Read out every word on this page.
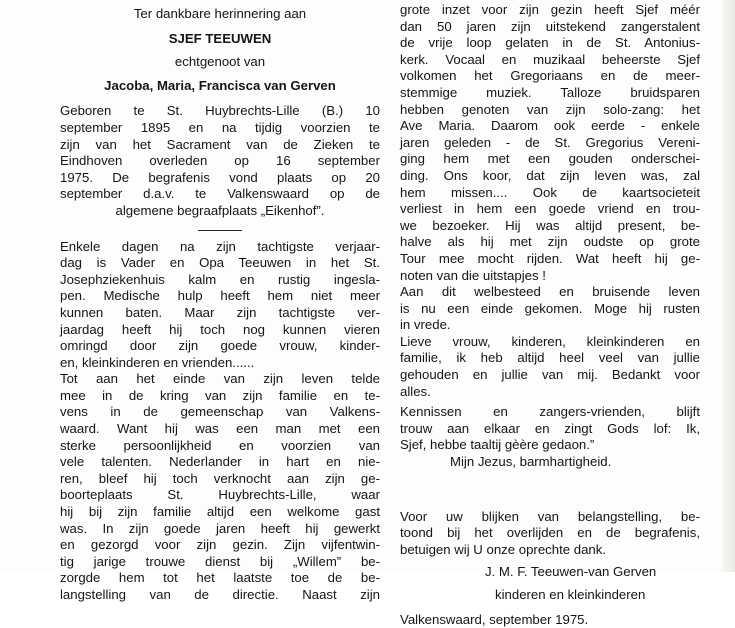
Ter dankbare herinnering aan
SJEF TEEUWEN
echtgenoot van
Jacoba, Maria, Francisca van Gerven
Geboren te St. Huybrechts-Lille (B.) 10
september 1895 en na tijdig voorzien te
zijn van het Sacrament van de Zieken te
Eindhoven overleden op 16 september
1975. De begrafenis vond plaats op 20
september d.a.v. te Valkenswaard op de
algemene begraafplaats „Eikenhof”.
Enkele dagen na zijn tachtigste verjaar-
dag is Vader en Opa Teeuwen in het St.
Josephziekenhuis kalm en rustig ingesla-
pen. Medische hulp heeft hem niet meer
kunnen baten. Maar zijn tachtigste ver-
jaardag heeft hij toch nog kunnen vieren
omringd door zijn goede vrouw, kinder-
en, kleinkinderen en vrienden......
Tot aan het einde van zijn leven telde
mee in de kring van zijn familie en te-
vens in de gemeenschap van Valkens-
waard. Want hij was een man met een
sterke persoonlijkheid en voorzien van
vele talenten. Nederlander in hart en nie-
ren, bleef hij toch verknocht aan zijn ge-
boorteplaats St. Huybrechts-Lille, waar
hij bij zijn familie altijd een welkome gast
was. In zijn goede jaren heeft hij gewerkt
en gezorgd voor zijn gezin. Zijn vijfentwin-
tig jarige trouwe dienst bij „Willem” be-
zorgde hem tot het laatste toe de be-
langstelling van de directie. Naast zijn
grote inzet voor zijn gezin heeft Sjef méér
dan 50 jaren zijn uitstekend zangerstalent
de vrije loop gelaten in de St. Antonius-
kerk. Vocaal en muzikaal beheerste Sjef
volkomen het Gregoriaans en de meer-
stemmige muziek. Talloze bruidsparen
hebben genoten van zijn solo-zang: het
Ave Maria. Daarom ook eerde - enkele
jaren geleden - de St. Gregorius Vereni-
ging hem met een gouden onderschei-
ding. Ons koor, dat zijn leven was, zal
hem missen.... Ook de kaartsocieteit
verliest in hem een goede vriend en trou-
we bezoeker. Hij was altijd present, be-
halve als hij met zijn oudste op grote
Tour mee mocht rijden. Wat heeft hij ge-
noten van die uitstapjes !
Aan dit welbesteed en bruisende leven
is nu een einde gekomen. Moge hij rusten
in vrede.
Lieve vrouw, kinderen, kleinkinderen en
familie, ik heb altijd heel veel van jullie
gehouden en jullie van mij. Bedankt voor
alles.
Kennissen en zangers-vrienden, blijft
trouw aan elkaar en zingt Gods lof: Ik,
Sjef, hebbe taaltij gèère gedaon.”
Mijn Jezus, barmhartigheid.
Voor uw blijken van belangstelling, be-
toond bij het overlijden en de begrafenis,
betuigen wij U onze oprechte dank.
J. M. F. Teeuwen-van Gerven
kinderen en kleinkinderen
Valkenswaard, september 1975.
